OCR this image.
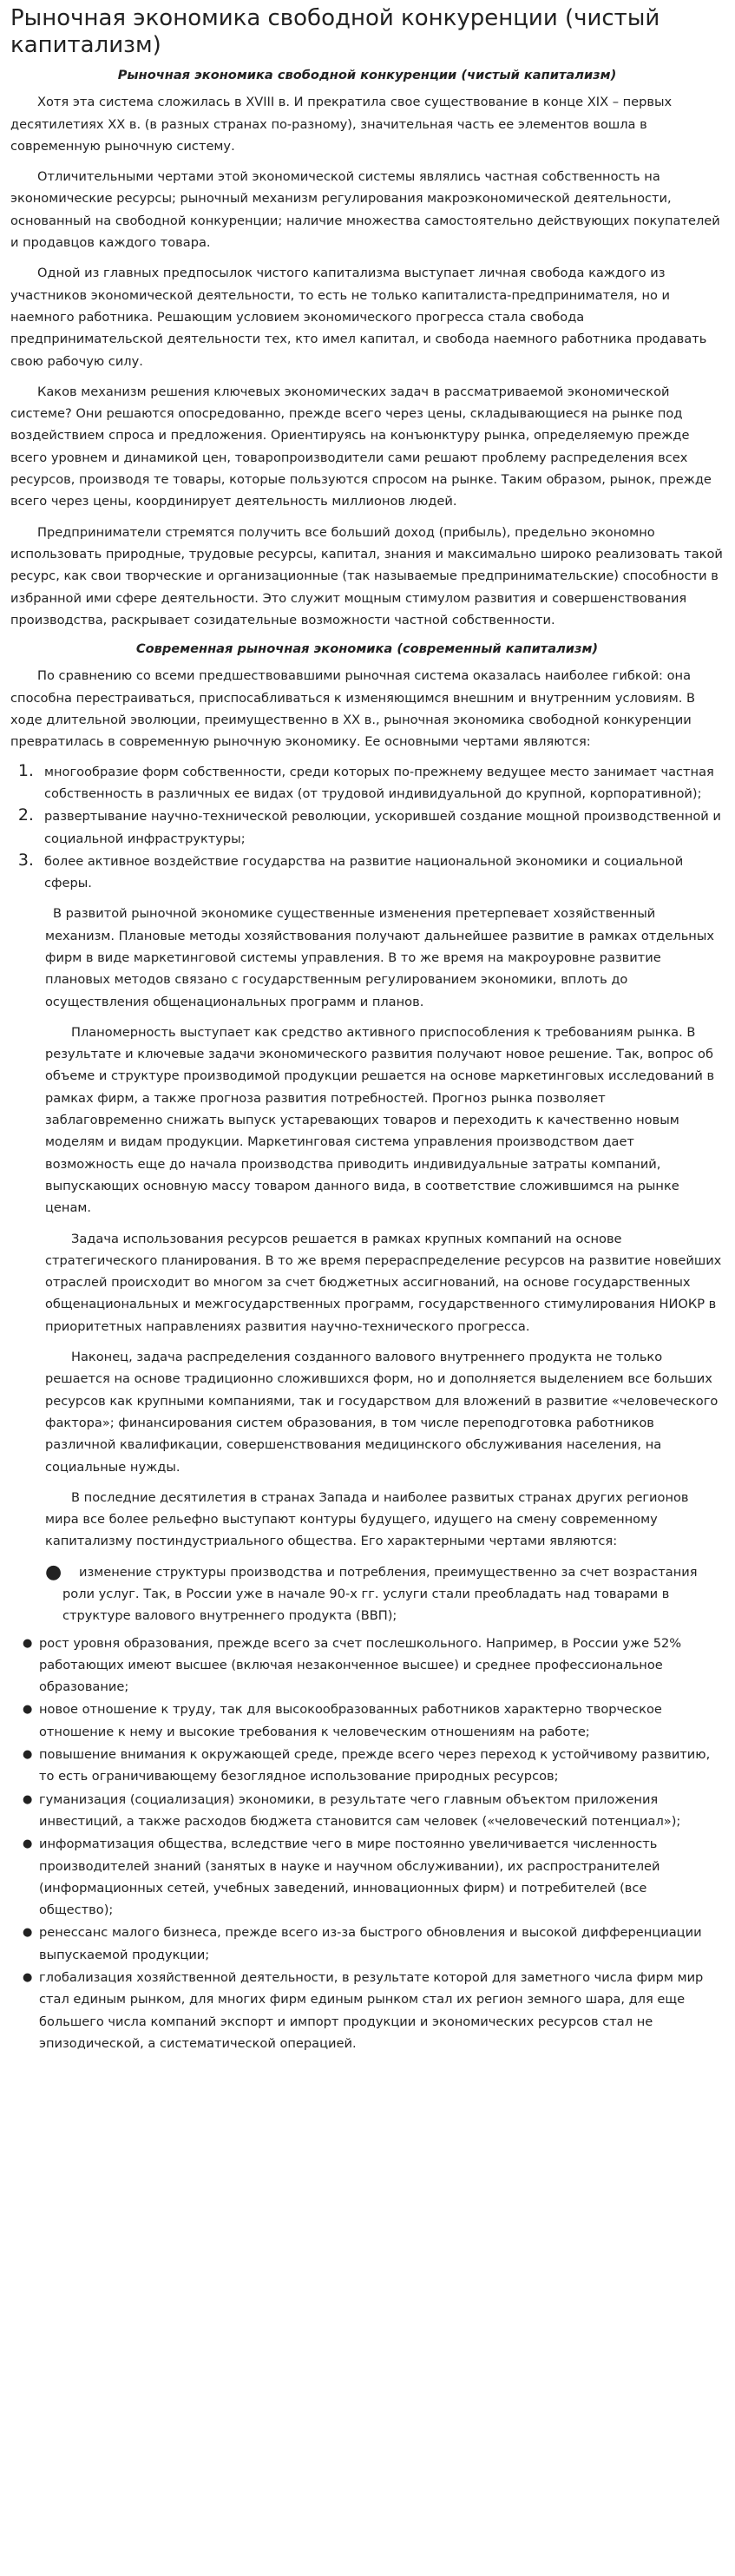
Рыночная экономика свободной конкуренции (чистый капитализм)
Рыночная экономика свободной конкуренции (чистый капитализм)

Хотя эта система сложилась в XVIII в. И прекратила свое существование в конце XIX – первых десятилетиях ХХ в. (в разных странах по-разному), значительная часть ее элементов вошла в современную рыночную систему.

Отличительными чертами этой экономической системы являлись частная собственность на экономические ресурсы; рыночный механизм регулирования макроэкономической деятельности, основанный на свободной конкуренции; наличие множества самостоятельно действующих покупателей и продавцов каждого товара.

Одной из главных предпосылок чистого капитализма выступает личная свобода каждого из участников экономической деятельности, то есть не только капиталиста-предпринимателя, но и наемного работника. Решающим условием экономического прогресса стала свобода предпринимательской деятельности тех, кто имел капитал, и свобода наемного работника продавать свою рабочую силу.

Каков механизм решения ключевых экономических задач в рассматриваемой экономической системе? Они решаются опосредованно, прежде всего через цены, складывающиеся на рынке под воздействием спроса и предложения. Ориентируясь на конъюнктуру рынка, определяемую прежде всего уровнем и динамикой цен, товаропроизводители сами решают проблему распределения всех ресурсов, производя те товары, которые пользуются спросом на рынке. Таким образом, рынок, прежде всего через цены, координирует деятельность миллионов людей.

Предприниматели стремятся получить все больший доход (прибыль), предельно экономно использовать природные, трудовые ресурсы, капитал, знания и максимально широко реализовать такой ресурс, как свои творческие и организационные (так называемые предпринимательские) способности в избранной ими сфере деятельности. Это служит мощным стимулом развития и совершенствования производства, раскрывает созидательные возможности частной собственности.

Современная рыночная экономика (современный капитализм)

По сравнению со всеми предшествовавшими рыночная система оказалась наиболее гибкой: она способна перестраиваться, приспосабливаться к изменяющимся внешним и внутренним условиям. В ходе длительной эволюции, преимущественно в ХХ в., рыночная экономика свободной конкуренции превратилась в современную рыночную экономику. Ее основными чертами являются:

1. многообразие форм собственности, среди которых по-прежнему ведущее место занимает частная собственность в различных ее видах (от трудовой индивидуальной до крупной, корпоративной);
2. развертывание научно-технической революции, ускорившей создание мощной производственной и социальной инфраструктуры;
3. более активное воздействие государства на развитие национальной экономики и социальной сферы.

В развитой рыночной экономике существенные изменения претерпевает хозяйственный механизм. Плановые методы хозяйствования получают дальнейшее развитие в рамках отдельных фирм в виде маркетинговой системы управления. В то же время на макроуровне развитие плановых методов связано с государственным регулированием экономики, вплоть до осуществления общенациональных программ и планов.

Планомерность выступает как средство активного приспособления к требованиям рынка. В результате и ключевые задачи экономического развития получают новое решение. Так, вопрос об объеме и структуре производимой продукции решается на основе маркетинговых исследований в рамках фирм, а также прогноза развития потребностей. Прогноз рынка позволяет заблаговременно снижать выпуск устаревающих товаров и переходить к качественно новым моделям и видам продукции. Маркетинговая система управления производством дает возможность еще до начала производства приводить индивидуальные затраты компаний, выпускающих основную массу товаром данного вида, в соответствие сложившимся на рынке ценам.

Задача использования ресурсов решается в рамках крупных компаний на основе стратегического планирования. В то же время перераспределение ресурсов на развитие новейших отраслей происходит во многом за счет бюджетных ассигнований, на основе государственных общенациональных и межгосударственных программ, государственного стимулирования НИОКР в приоритетных направлениях развития научно-технического прогресса.

Наконец, задача распределения созданного валового внутреннего продукта не только решается на основе традиционно сложившихся форм, но и дополняется выделением все больших ресурсов как крупными компаниями, так и государством для вложений в развитие «человеческого фактора»; финансирования систем образования, в том числе переподготовка работников различной квалификации, совершенствования медицинского обслуживания населения, на социальные нужды.

В последние десятилетия в странах Запада и наиболее развитых странах других регионов мира все более рельефно выступают контуры будущего, идущего на смену современному капитализму постиндустриального общества. Его характерными чертами являются:

●	изменение структуры производства и потребления, преимущественно за счет возрастания роли услуг. Так, в России уже в начале 90-х гг. услуги стали преобладать над товарами в структуре валового внутреннего продукта (ВВП);
● рост уровня образования, прежде всего за счет послешкольного. Например, в России уже 52% работающих имеют высшее (включая незаконченное высшее) и среднее профессиональное образование;
● новое отношение к труду, так для высокообразованных работников характерно творческое отношение к нему и высокие требования к человеческим отношениям на работе;
● повышение внимания к окружающей среде, прежде всего через переход к устойчивому развитию, то есть ограничивающему безоглядное использование природных ресурсов;
● гуманизация (социализация) экономики, в результате чего главным объектом приложения инвестиций, а также расходов бюджета становится сам человек («человеческий потенциал»);
● информатизация общества, вследствие чего в мире постоянно увеличивается численность производителей знаний (занятых в науке и научном обслуживании), их распространителей (информационных сетей, учебных заведений, инновационных фирм) и потребителей (все общество);
● ренессанс малого бизнеса, прежде всего из-за быстрого обновления и высокой дифференциации выпускаемой продукции;
● глобализация хозяйственной деятельности, в результате которой для заметного числа фирм мир стал единым рынком, для многих фирм единым рынком стал их регион земного шара, для еще большего числа компаний экспорт и импорт продукции и экономических ресурсов стал не эпизодической, а систематической операцией.
